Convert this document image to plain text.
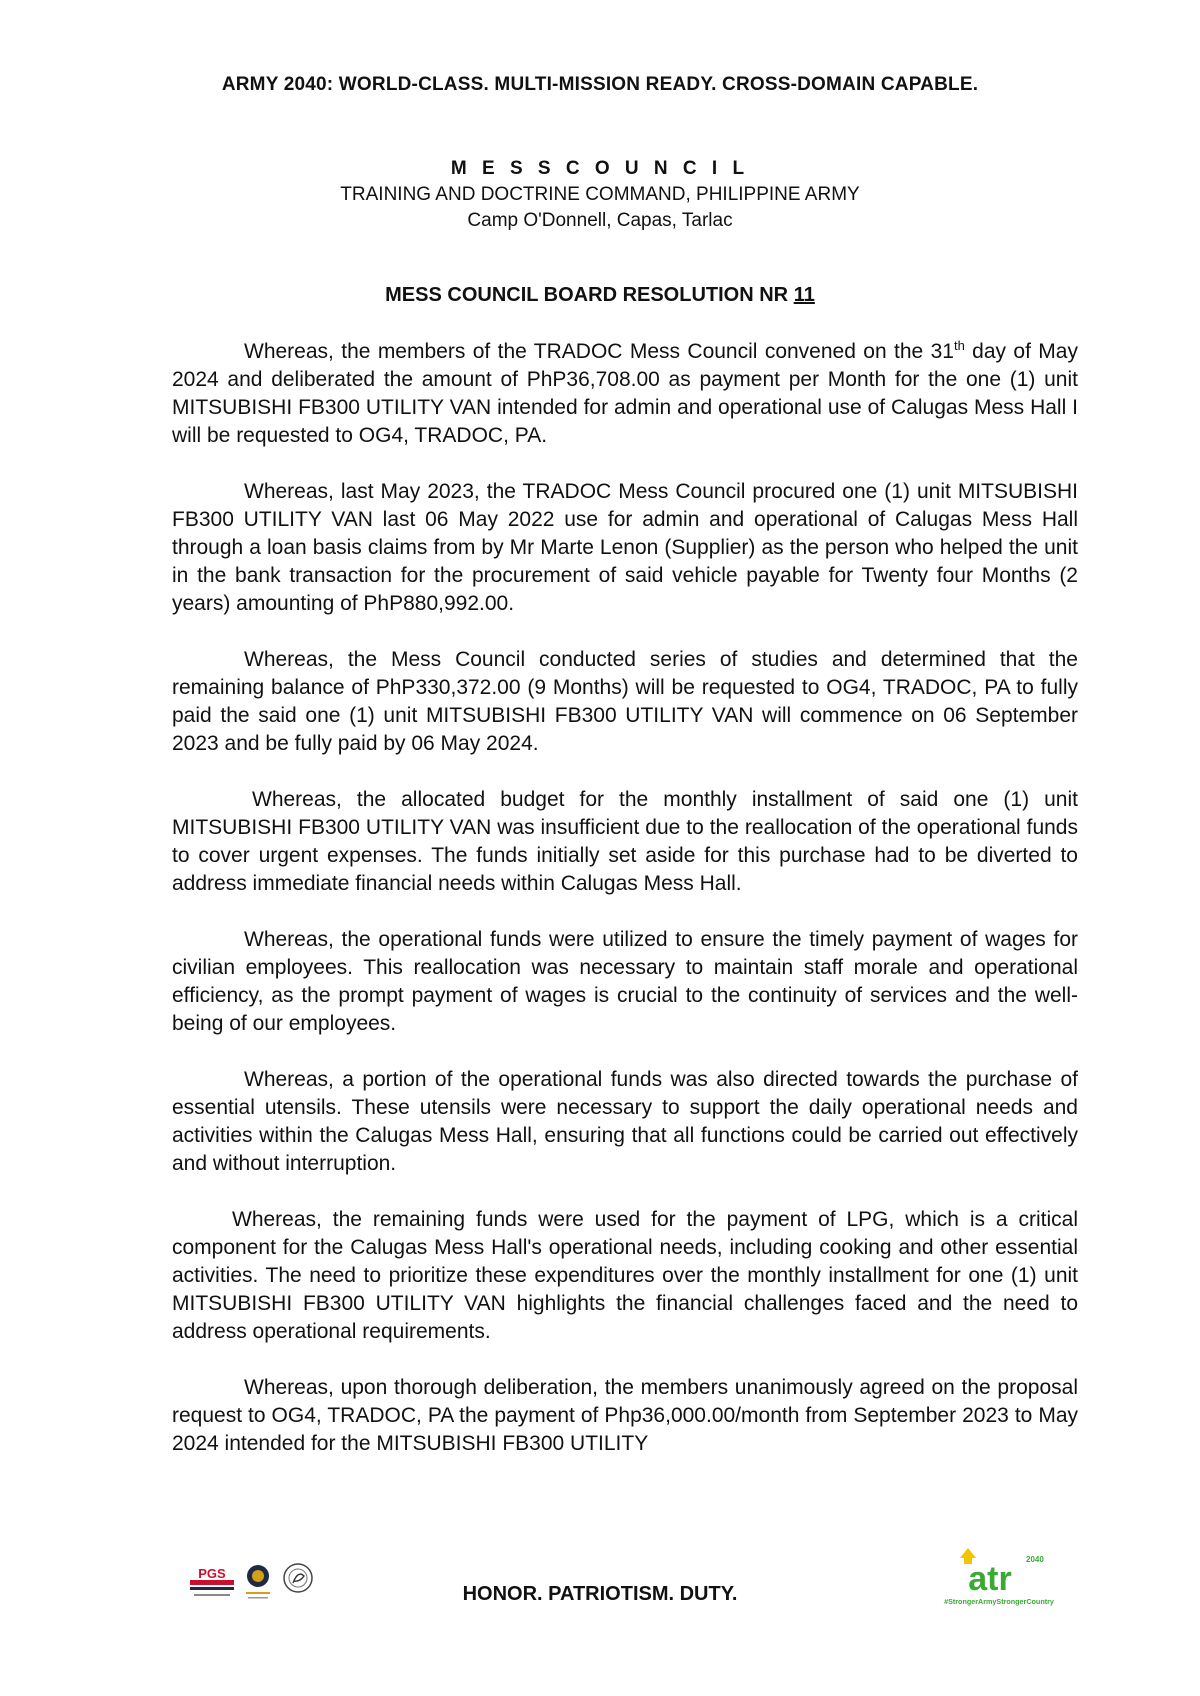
ARMY 2040: WORLD-CLASS. MULTI-MISSION READY. CROSS-DOMAIN CAPABLE.
M E S S C O U N C I L
TRAINING AND DOCTRINE COMMAND, PHILIPPINE ARMY
Camp O'Donnell, Capas, Tarlac
MESS COUNCIL BOARD RESOLUTION NR 11

Whereas, the members of the TRADOC Mess Council convened on the 31th day of May 2024 and deliberated the amount of PhP36,708.00 as payment per Month for the one (1) unit MITSUBISHI FB300 UTILITY VAN intended for admin and operational use of Calugas Mess Hall I will be requested to OG4, TRADOC, PA.

Whereas, last May 2023, the TRADOC Mess Council procured one (1) unit MITSUBISHI FB300 UTILITY VAN last 06 May 2022 use for admin and operational of Calugas Mess Hall through a loan basis claims from by Mr Marte Lenon (Supplier) as the person who helped the unit in the bank transaction for the procurement of said vehicle payable for Twenty four Months (2 years) amounting of PhP880,992.00.

Whereas, the Mess Council conducted series of studies and determined that the remaining balance of PhP330,372.00 (9 Months) will be requested to OG4, TRADOC, PA to fully paid the said one (1) unit MITSUBISHI FB300 UTILITY VAN will commence on 06 September 2023 and be fully paid by 06 May 2024.

Whereas, the allocated budget for the monthly installment of said one (1) unit MITSUBISHI FB300 UTILITY VAN was insufficient due to the reallocation of the operational funds to cover urgent expenses. The funds initially set aside for this purchase had to be diverted to address immediate financial needs within Calugas Mess Hall.

Whereas, the operational funds were utilized to ensure the timely payment of wages for civilian employees. This reallocation was necessary to maintain staff morale and operational efficiency, as the prompt payment of wages is crucial to the continuity of services and the well-being of our employees.

Whereas, a portion of the operational funds was also directed towards the purchase of essential utensils. These utensils were necessary to support the daily operational needs and activities within the Calugas Mess Hall, ensuring that all functions could be carried out effectively and without interruption.

Whereas, the remaining funds were used for the payment of LPG, which is a critical component for the Calugas Mess Hall's operational needs, including cooking and other essential activities. The need to prioritize these expenditures over the monthly installment for one (1) unit MITSUBISHI FB300 UTILITY VAN highlights the financial challenges faced and the need to address operational requirements.

Whereas, upon thorough deliberation, the members unanimously agreed on the proposal request to OG4, TRADOC, PA the payment of Php36,000.00/month from September 2023 to May 2024 intended for the MITSUBISHI FB300 UTILITY

PGS
HONOR. PATRIOTISM. DUTY.	atr
2040
#StrongerArmyStrongerCountry
